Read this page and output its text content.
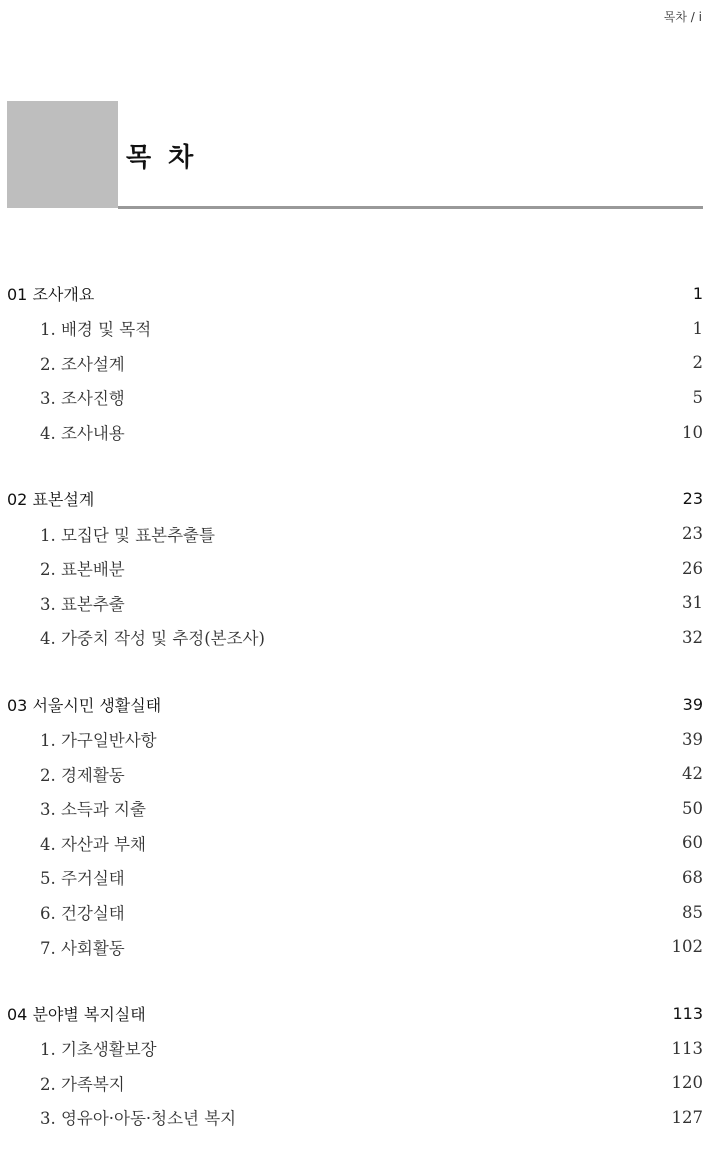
목차 / i
목 차
01 조사개요	1
1. 배경 및 목적	1
2. 조사설계	2
3. 조사진행	5
4. 조사내용	10
02 표본설계	23
1. 모집단 및 표본추출틀	23
2. 표본배분	26
3. 표본추출	31
4. 가중치 작성 및 추정(본조사)	32
03 서울시민 생활실태	39
1. 가구일반사항	39
2. 경제활동	42
3. 소득과 지출	50
4. 자산과 부채	60
5. 주거실태	68
6. 건강실태	85
7. 사회활동	102
04 분야별 복지실태	113
1. 기초생활보장	113
2. 가족복지	120
3. 영유아·아동·청소년 복지	127
